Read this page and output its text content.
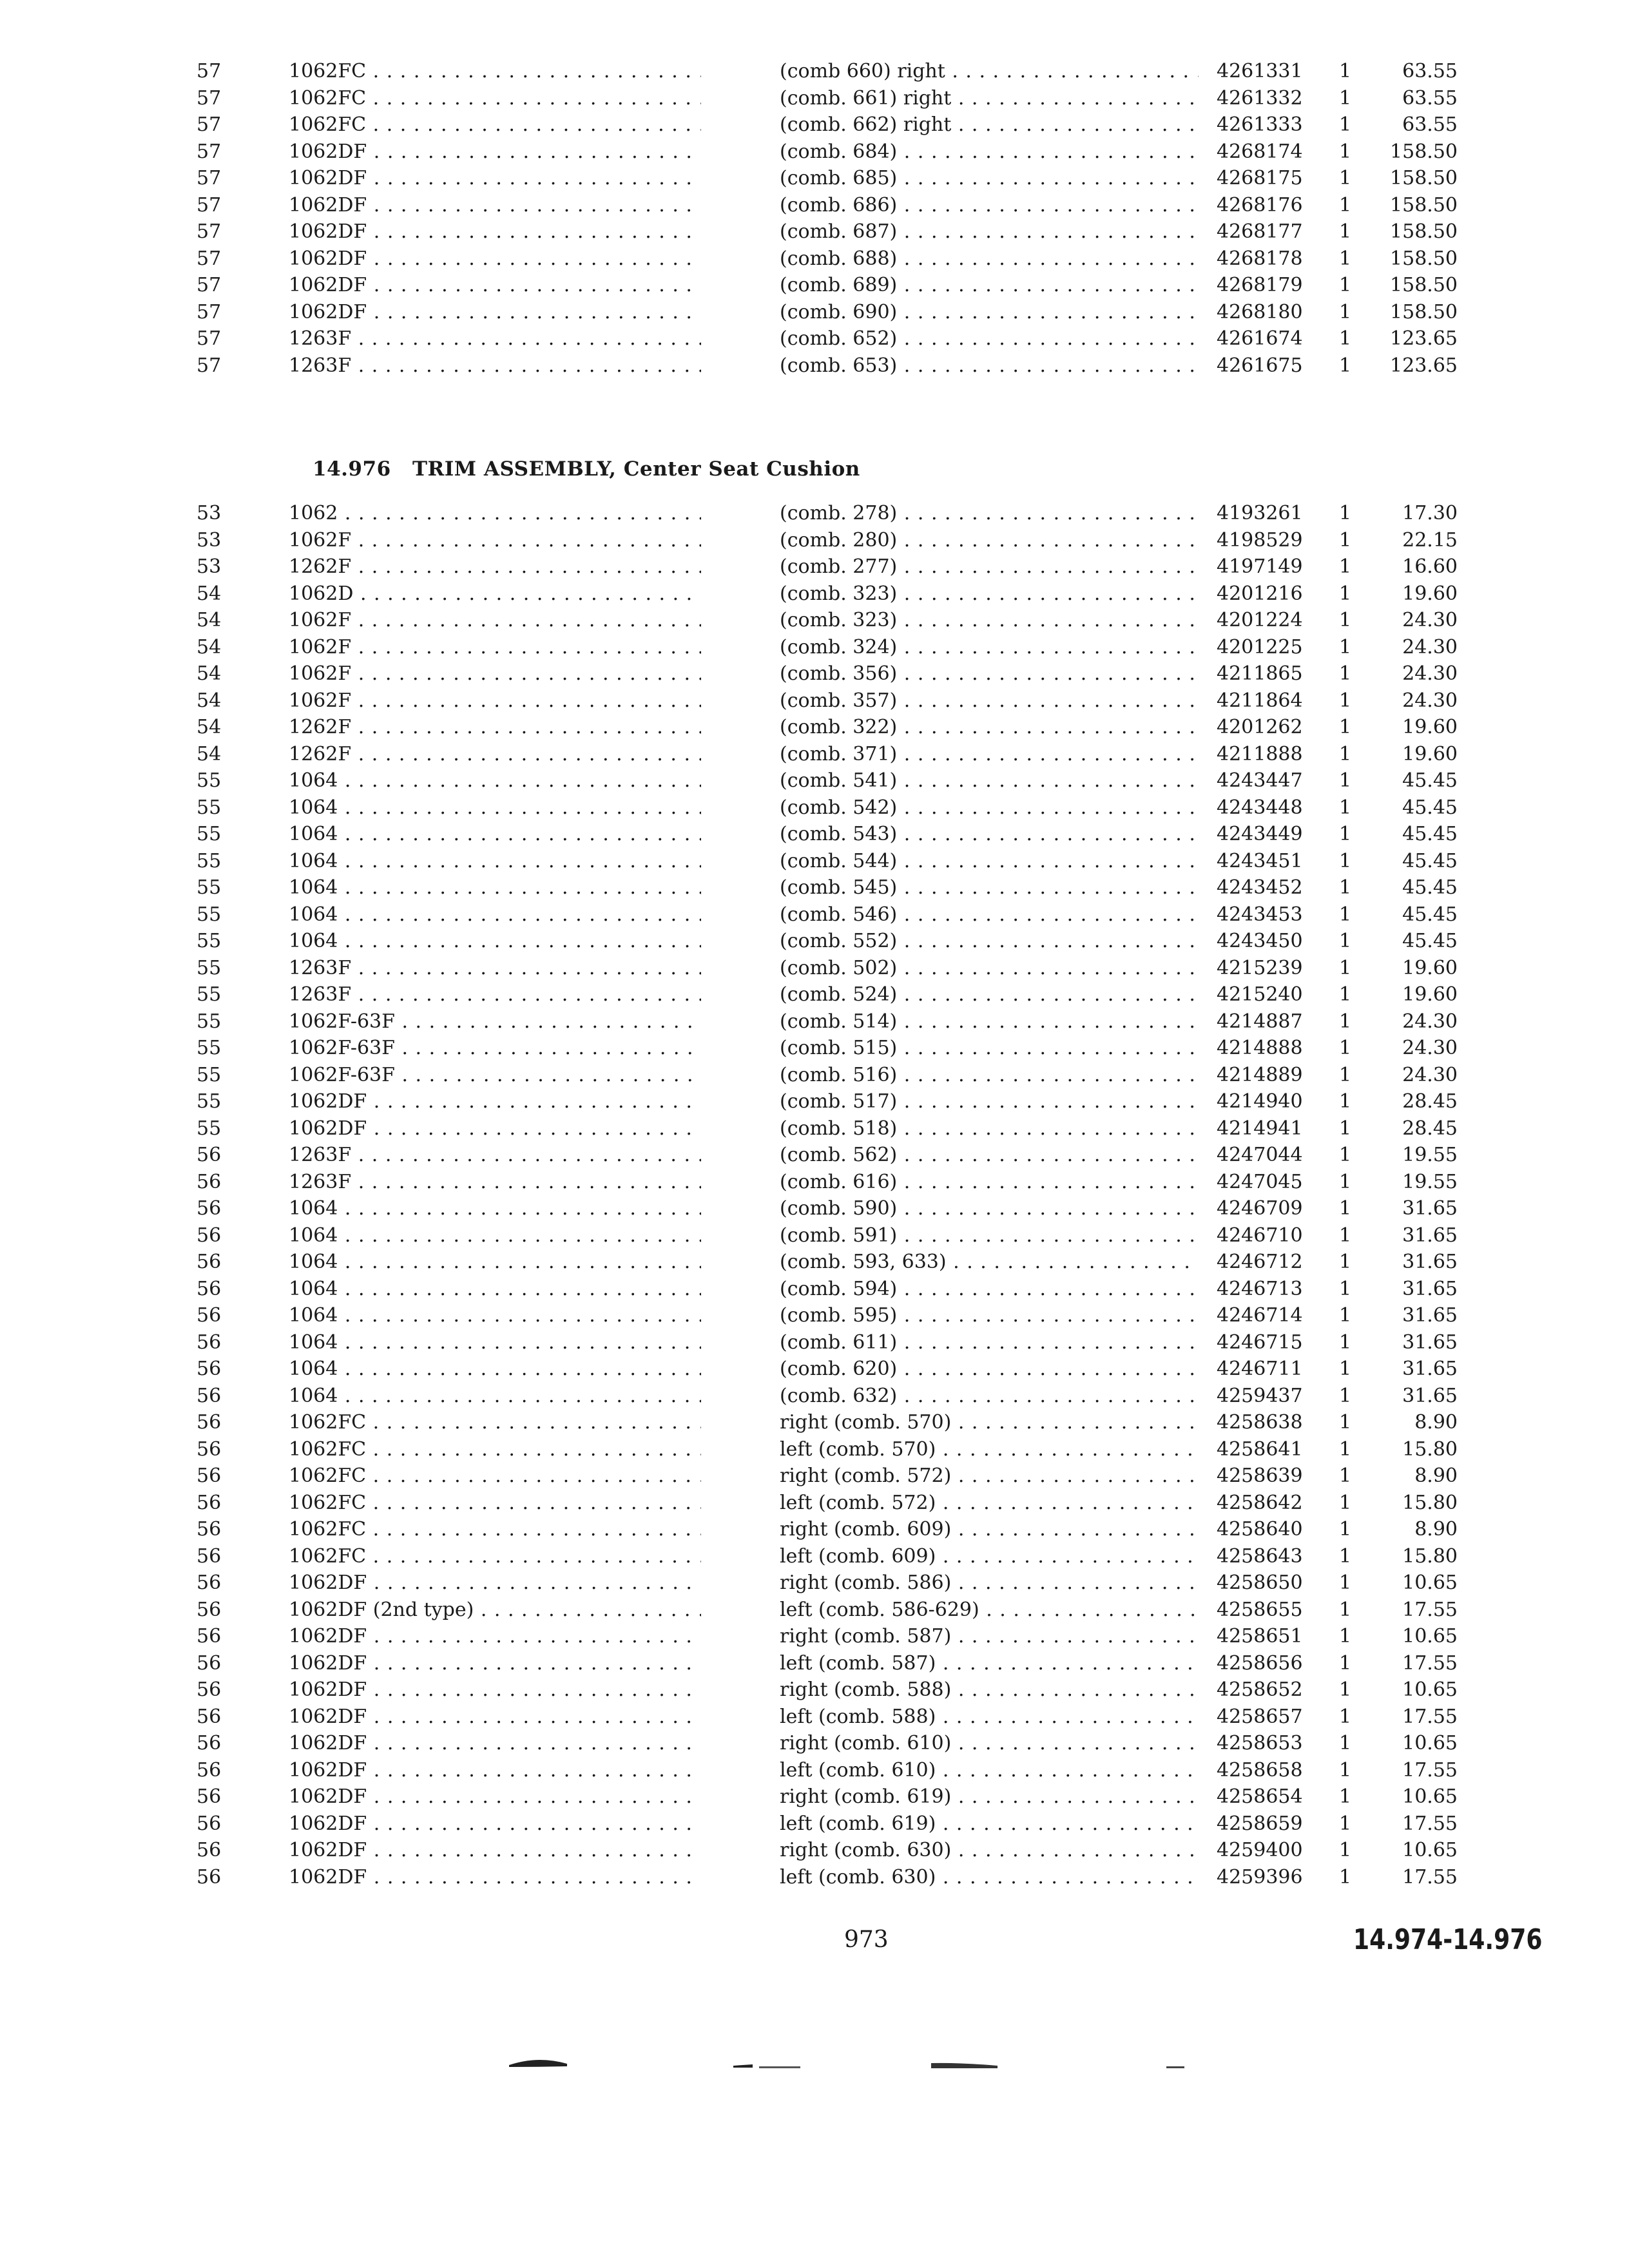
57	1062FC . . .	(comb 660) right . . .	4261331 1	63.55
57	1062FC . . .	(comb. 661) right . . .	4261332 1	63.55
57	1062FC . . .	(comb. 662) right . . .	4261333 1	63.55
57	1062DF . . .	(comb. 684) . . .	4268174 1	158.50
57	1062DF . . .	(comb. 685) . . .	4268175 1	158.50
57	1062DF . . .	(comb. 686) . . .	4268176 1	158.50
57	1062DF . . .	(comb. 687) . . .	4268177 1	158.50
57	1062DF . . .	(comb. 688) . . .	4268178 1	158.50
57	1062DF . . .	(comb. 689) . . .	4268179 1	158.50
57	1062DF . . .	(comb. 690) . . .	4268180 1	158.50
57	1263F . . .	(comb. 652) . . .	4261674 1	123.65
57	1263F . . .	(comb. 653) . . .	4261675 1	123.65
14.976 TRIM ASSEMBLY, Center Seat Cushion
53	1062 . . .	(comb. 278) . . .	4193261 1	17.30
53	1062F . . .	(comb. 280) . . .	4198529 1	22.15
53	1262F . . .	(comb. 277) . . .	4197149 1	16.60
54	1062D . . .	(comb. 323) . . .	4201216 1	19.60
54	1062F . . .	(comb. 323) . . .	4201224 1	24.30
54	1062F . . .	(comb. 324) . . .	4201225 1	24.30
54	1062F . . .	(comb. 356) . . .	4211865 1	24.30
54	1062F . . .	(comb. 357) . . .	4211864 1	24.30
54	1262F . . .	(comb. 322) . . .	4201262 1	19.60
54	1262F . . .	(comb. 371) . . .	4211888 1	19.60
55	1064 . . .	(comb. 541) . . .	4243447 1	45.45
55	1064 . . .	(comb. 542) . . .	4243448 1	45.45
55	1064 . . .	(comb. 543) . . .	4243449 1	45.45
55	1064 . . .	(comb. 544) . . .	4243451 1	45.45
55	1064 . . .	(comb. 545) . . .	4243452 1	45.45
55	1064 . . .	(comb. 546) . . .	4243453 1	45.45
55	1064 . . .	(comb. 552) . . .	4243450 1	45.45
55	1263F . . .	(comb. 502) . . .	4215239 1	19.60
55	1263F . . .	(comb. 524) . . .	4215240 1	19.60
55	1062F-63F . . .	(comb. 514) . . .	4214887 1	24.30
55	1062F-63F . . .	(comb. 515) . . .	4214888 1	24.30
55	1062F-63F . . .	(comb. 516) . . .	4214889 1	24.30
55	1062DF . . .	(comb. 517) . . .	4214940 1	28.45
55	1062DF . . .	(comb. 518) . . .	4214941 1	28.45
56	1263F . . .	(comb. 562) . . .	4247044 1	19.55
56	1263F . . .	(comb. 616) . . .	4247045 1	19.55
56	1064 . . .	(comb. 590) . . .	4246709 1	31.65
56	1064 . . .	(comb. 591) . . .	4246710 1	31.65
56	1064 . . .	(comb. 593, 633) . . .	4246712 1	31.65
56	1064 . . .	(comb. 594) . . .	4246713 1	31.65
56	1064 . . .	(comb. 595) . . .	4246714 1	31.65
56	1064 . . .	(comb. 611) . . .	4246715 1	31.65
56	1064 . . .	(comb. 620) . . .	4246711 1	31.65
56	1064 . . .	(comb. 632) . . .	4259437 1	31.65
56	1062FC . . .	right (comb. 570) . . .	4258638 1	8.90
56	1062FC . . .	left (comb. 570) . . .	4258641 1	15.80
56	1062FC . . .	right (comb. 572) . . .	4258639 1	8.90
56	1062FC . . .	left (comb. 572) . . .	4258642 1	15.80
56	1062FC . . .	right (comb. 609) . . .	4258640 1	8.90
56	1062FC . . .	left (comb. 609) . . .	4258643 1	15.80
56	1062DF . . .	right (comb. 586) . . .	4258650 1	10.65
56	1062DF (2nd type) . . .	left (comb. 586-629) . . .	4258655 1	17.55
56	1062DF . . .	right (comb. 587) . . .	4258651 1	10.65
56	1062DF . . .	left (comb. 587) . . .	4258656 1	17.55
56	1062DF . . .	right (comb. 588) . . .	4258652 1	10.65
56	1062DF . . .	left (comb. 588) . . .	4258657 1	17.55
56	1062DF . . .	right (comb. 610) . . .	4258653 1	10.65
56	1062DF . . .	left (comb. 610) . . .	4258658 1	17.55
56	1062DF . . .	right (comb. 619) . . .	4258654 1	10.65
56	1062DF . . .	left (comb. 619) . . .	4258659 1	17.55
56	1062DF . . .	right (comb. 630) . . .	4259400 1	10.65
56	1062DF . . .	left (comb. 630) . . .	4259396 1	17.55
973	14.974-14.976
